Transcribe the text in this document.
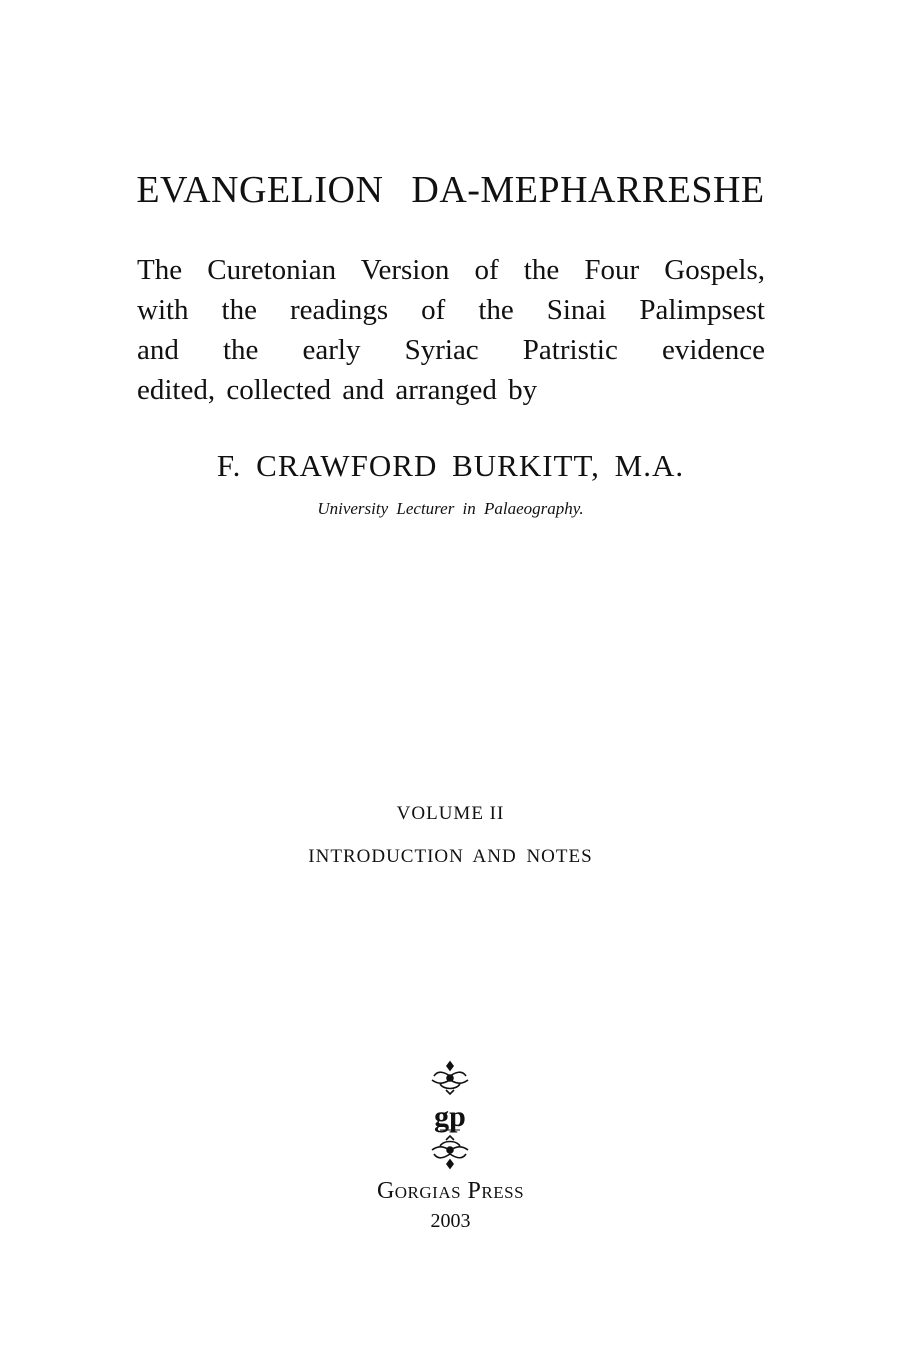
EVANGELION DA-MEPHARRESHE

The Curetonian Version of the Four Gospels,
with the readings of the Sinai Palimpsest
and the early Syriac Patristic evidence
edited, collected and arranged by

F. CRAWFORD BURKITT, M.A.

University Lecturer in Palaeography.

VOLUME II

INTRODUCTION AND NOTES

gp

Gorgias Press

2003
